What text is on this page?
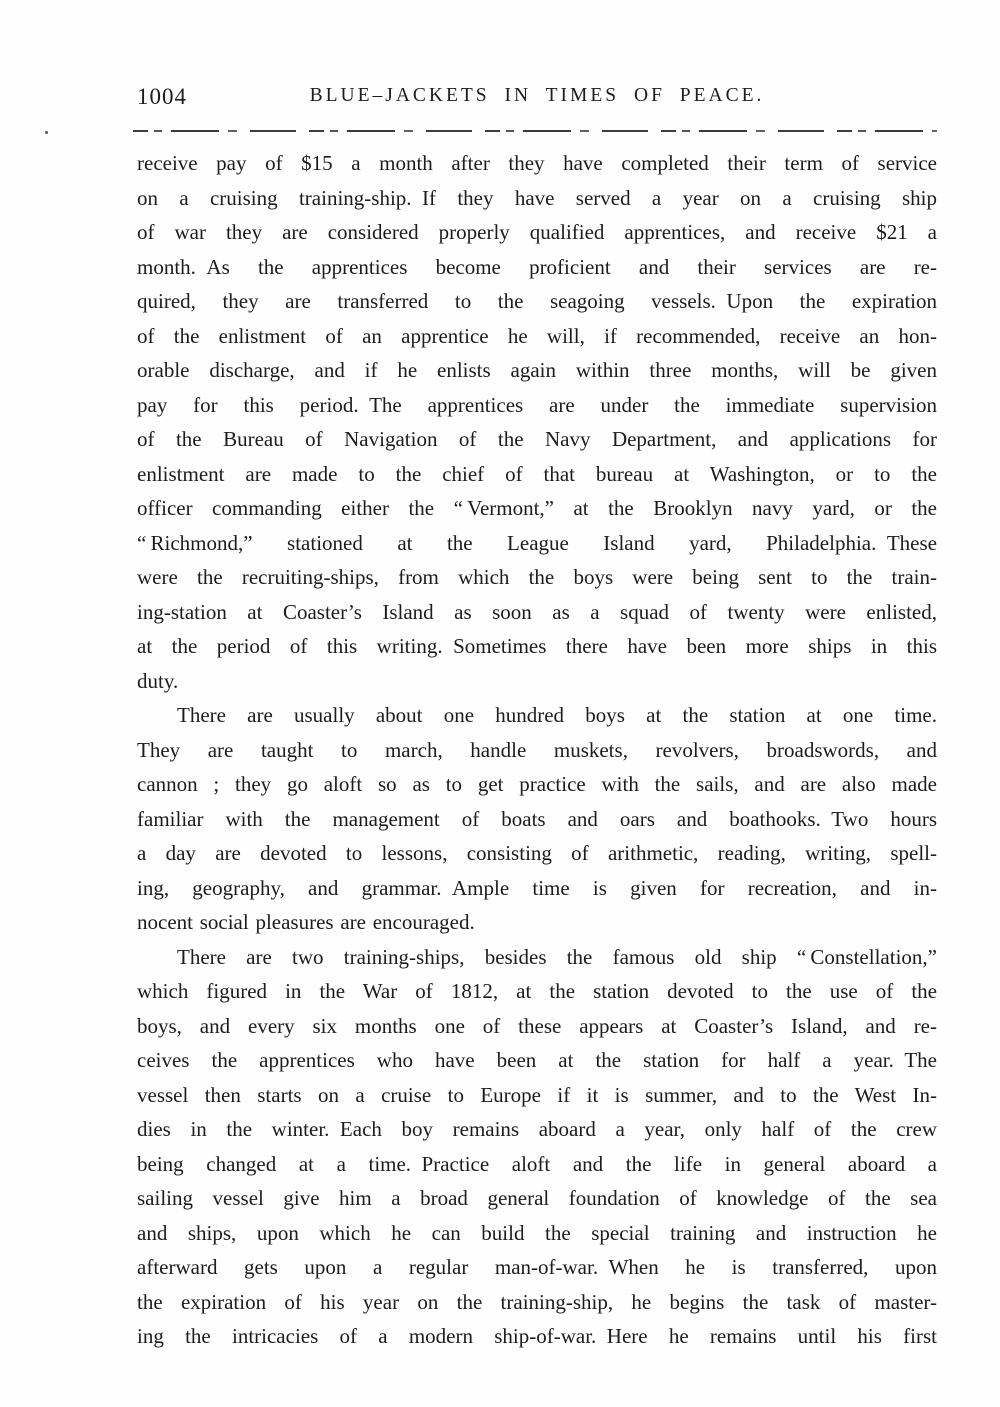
1004	BLUE–JACKETS IN TIMES OF PEACE.
receive pay of $15 a month after they have completed their term of service
on a cruising training-ship. If they have served a year on a cruising ship
of war they are considered properly qualified apprentices, and receive $21 a
month. As the apprentices become proficient and their services are re-
quired, they are transferred to the seagoing vessels. Upon the expiration
of the enlistment of an apprentice he will, if recommended, receive an hon-
orable discharge, and if he enlists again within three months, will be given
pay for this period. The apprentices are under the immediate supervision
of the Bureau of Navigation of the Navy Department, and applications for
enlistment are made to the chief of that bureau at Washington, or to the
officer commanding either the “ Vermont,” at the Brooklyn navy yard, or the
“ Richmond,” stationed at the League Island yard, Philadelphia. These
were the recruiting-ships, from which the boys were being sent to the train-
ing-station at Coaster’s Island as soon as a squad of twenty were enlisted,
at the period of this writing. Sometimes there have been more ships in this
duty.
There are usually about one hundred boys at the station at one time.
They are taught to march, handle muskets, revolvers, broadswords, and
cannon ; they go aloft so as to get practice with the sails, and are also made
familiar with the management of boats and oars and boathooks. Two hours
a day are devoted to lessons, consisting of arithmetic, reading, writing, spell-
ing, geography, and grammar. Ample time is given for recreation, and in-
nocent social pleasures are encouraged.
There are two training-ships, besides the famous old ship “ Constellation,”
which figured in the War of 1812, at the station devoted to the use of the
boys, and every six months one of these appears at Coaster’s Island, and re-
ceives the apprentices who have been at the station for half a year. The
vessel then starts on a cruise to Europe if it is summer, and to the West In-
dies in the winter. Each boy remains aboard a year, only half of the crew
being changed at a time. Practice aloft and the life in general aboard a
sailing vessel give him a broad general foundation of knowledge of the sea
and ships, upon which he can build the special training and instruction he
afterward gets upon a regular man-of-war. When he is transferred, upon
the expiration of his year on the training-ship, he begins the task of master-
ing the intricacies of a modern ship-of-war. Here he remains until his first
